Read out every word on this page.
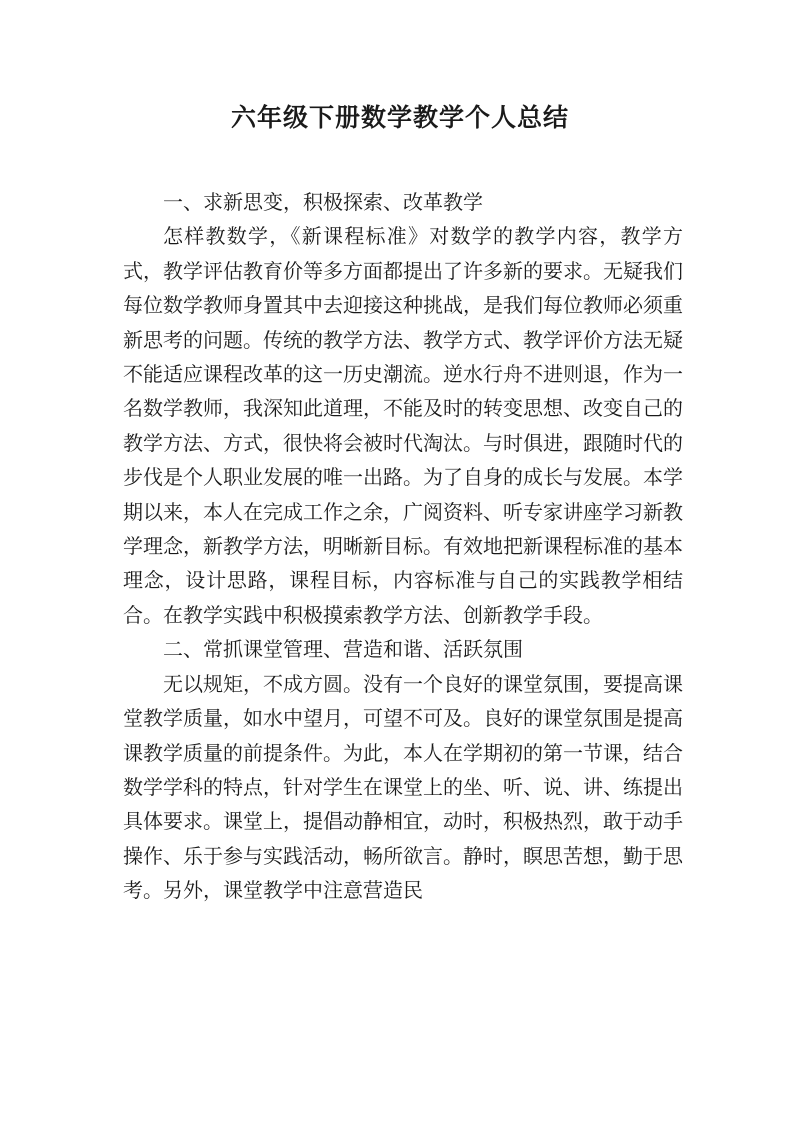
六年级下册数学教学个人总结

一、求新思变，积极探索、改革教学

怎样教数学，《新课程标准》对数学的教学内容，教学方式，教学评估教育价等多方面都提出了许多新的要求。无疑我们每位数学教师身置其中去迎接这种挑战，是我们每位教师必须重新思考的问题。传统的教学方法、教学方式、教学评价方法无疑不能适应课程改革的这一历史潮流。逆水行舟不进则退，作为一名数学教师，我深知此道理，不能及时的转变思想、改变自己的教学方法、方式，很快将会被时代淘汰。与时俱进，跟随时代的步伐是个人职业发展的唯一出路。为了自身的成长与发展。本学期以来，本人在完成工作之余，广阅资料、听专家讲座学习新教学理念，新教学方法，明晰新目标。有效地把新课程标准的基本理念，设计思路，课程目标，内容标准与自己的实践教学相结合。在教学实践中积极摸索教学方法、创新教学手段。

二、常抓课堂管理、营造和谐、活跃氛围

无以规矩，不成方圆。没有一个良好的课堂氛围，要提高课堂教学质量，如水中望月，可望不可及。良好的课堂氛围是提高课教学质量的前提条件。为此，本人在学期初的第一节课，结合数学学科的特点，针对学生在课堂上的坐、听、说、讲、练提出具体要求。课堂上，提倡动静相宜，动时，积极热烈，敢于动手操作、乐于参与实践活动，畅所欲言。静时，瞑思苦想，勤于思考。另外，课堂教学中注意营造民
